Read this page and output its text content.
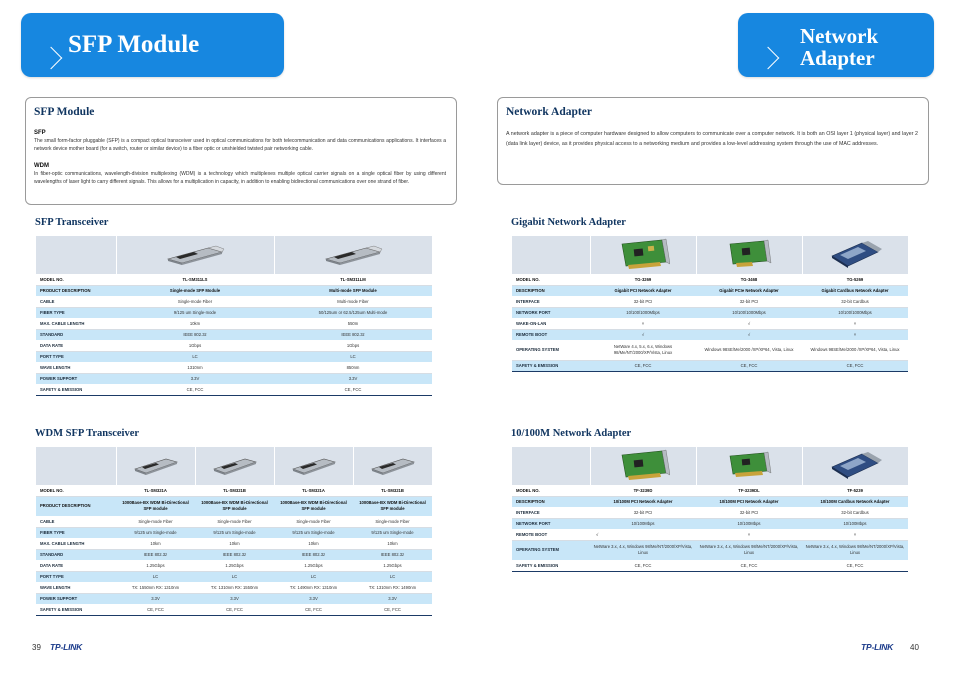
SFP Module	Network
Adapter
SFP Module
SFP
The small form-factor pluggable (SFP) is a compact optical transceiver used in optical communications for both telecommunication and data communications applications. It interfaces a network device mother board (for a switch, router or similar device) to a fiber optic or unshielded twisted pair networking cable.
WDM
In fiber-optic communications, wavelength-division multiplexing (WDM) is a technology which multiplexes multiple optical carrier signals on a single optical fiber by using different wavelengths of laser light to carry different signals. This allows for a multiplication in capacity, in addition to enabling bidirectional communications over one strand of fiber.
Network Adapter
A network adapter is a piece of computer hardware designed to allow computers to communicate over a computer network. It is both an OSI layer 1 (physical layer) and layer 2 (data link layer) device, as it provides physical access to a networking medium and provides a low-level addressing system through the use of MAC addresses.
SFP Transceiver
WDM SFP Transceiver
Gigabit Network Adapter
10/100M Network Adapter

MODEL NO.	TL-SM311LS	TL-SM311LM
PRODUCT DESCRIPTION	Single-mode SFP Module	Multi-mode SFP Module
CABLE	Single-mode Fiber	Multi-mode Fiber
FIBER TYPE	9/125 um Single-mode	50/125um or 62.5/125um Multi-mode
MAX. CABLE LENGTH	10km	550m
STANDARD	IEEE 802.3z	IEEE 802.3z
DATA RATE	1Gbps	1Gbps
PORT TYPE	LC	LC
WAVE LENGTH	1310nm	850nm
POWER SUPPORT	3.3V	3.3V
SAFETY & EMISSION	CE, FCC	CE, FCC

MODEL NO.	TL-SM321A	TL-SM321B	TL-SM321A	TL-SM321B
PRODUCT DESCRIPTION	1000Base-BX WDM Bi-Directional SFP module	1000Base-BX WDM Bi-Directional SFP module	1000Base-BX WDM Bi-Directional SFP module	1000Base-BX WDM Bi-Directional SFP module
CABLE	Single-mode Fiber	Single-mode Fiber	Single-mode Fiber	Single-mode Fiber
FIBER TYPE	9/125 um Single-mode	9/125 um Single-mode	9/125 um Single-mode	9/125 um Single-mode
MAX. CABLE LENGTH	10km	10km	10km	10km
STANDARD	IEEE 802.3z	IEEE 802.3z	IEEE 802.3z	IEEE 802.3z
DATA RATE	1.25Gbps	1.25Gbps	1.25Gbps	1.25Gbps
PORT TYPE	LC	LC	LC	LC
WAVE LENGTH	TX: 1550nm RX: 1310nm	TX: 1310nm RX: 1550nm	TX: 1490nm RX: 1310nm	TX: 1310nm RX: 1490nm
POWER SUPPORT	3.3V	3.3V	3.3V	3.3V
SAFETY & EMISSION	CE, FCC	CE, FCC	CE, FCC	CE, FCC

MODEL NO.	TG-3269	TG-3468	TG-5269
DESCRIPTION	Gigabit PCI Network Adapter	Gigabit PCIe Network Adapter	Gigabit Cardbus Network Adapter
INTERFACE	32-bit PCI	32-bit PCI	32-bit Cardbus
NETWORK PORT	10/100/1000Mbps	10/100/1000Mbps	10/100/1000Mbps
WAKE-ON-LAN	×	√	×
REMOTE BOOT	√	√	×
OPERATING SYSTEM	NetWare 4.x, 5.x, 6.x, Windows 98/Me/NT/2000/XP/Vista, Linux	Windows 98SE/Me/2000 /XP/XP64, Vista, Linux	Windows 98SE/Me/2000 /XP/XP64, Vista, Linux
SAFETY & EMISSION	CE, FCC	CE, FCC	CE, FCC

MODEL NO.	TF-3239D	TF-3239DL	TF-5239
DESCRIPTION	10/100M PCI Network Adapter	10/100M PCI Network Adapter	10/100M Cardbus Network Adapter
INTERFACE	32-bit PCI	32-bit PCI	32-bit Cardbus
NETWORK PORT	10/100Mbps	10/100Mbps	10/100Mbps
REMOTE BOOT	√	×	×
OPERATING SYSTEM	NetWare 3.x, 4.x, Windows 98/Me/NT/2000/XP/Vista, Linux	NetWare 3.x, 4.x, Windows 98/Me/NT/2000/XP/Vista, Linux	NetWare 3.x, 4.x, Windows 98/Me/NT/2000/XP/Vista, Linux
SAFETY & EMISSION	CE, FCC	CE, FCC	CE, FCC
39 TP-LINK	TP-LINK 40
